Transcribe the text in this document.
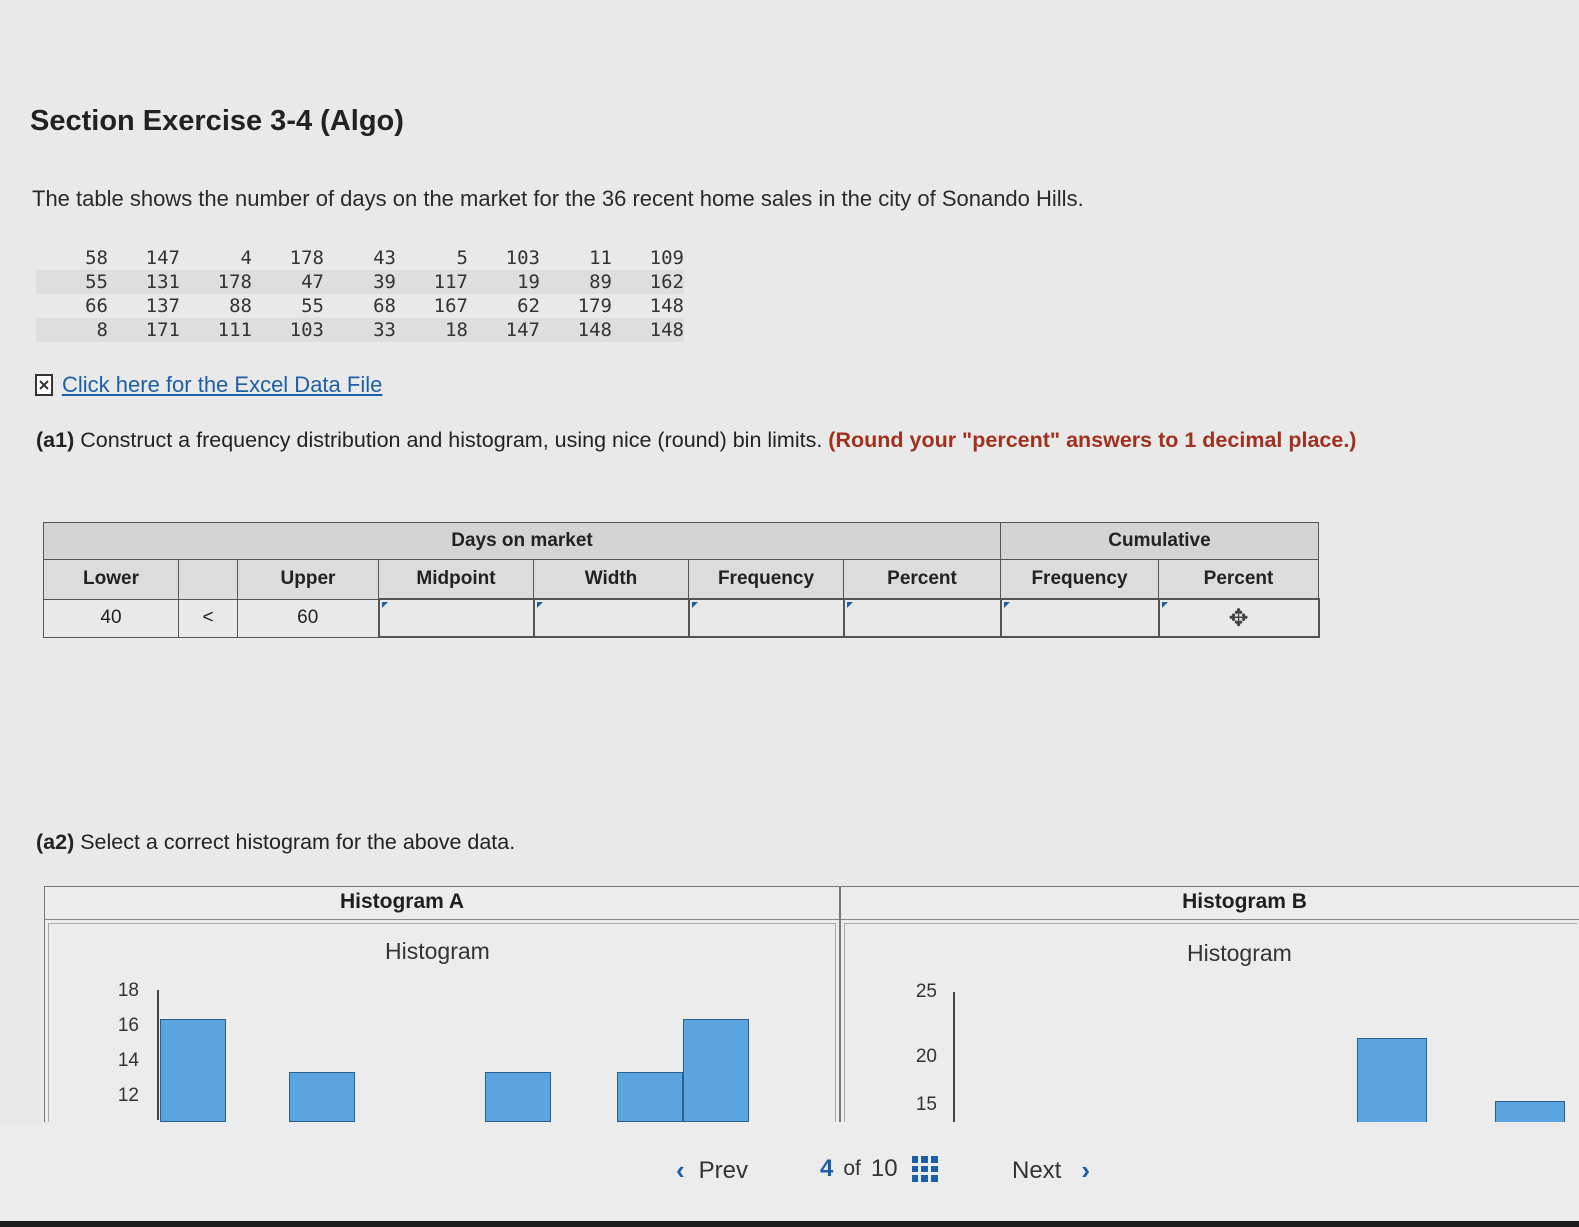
Section Exercise 3-4 (Algo)
The table shows the number of days on the market for the 36 recent home sales in the city of Sonando Hills.
58	147	4	178	43	5	103	11	109
55	131	178	47	39	117	19	89	162
66	137	88	55	68	167	62	179	148
8	171	111	103	33	18	147	148	148
Click here for the Excel Data File
(a1) Construct a frequency distribution and histogram, using nice (round) bin limits. (Round your "percent" answers to 1 decimal place.)
Days on market							Cumulative	
Lower		Upper	Midpoint	Width	Frequency	Percent	Frequency	Percent
40	<	60						✥
(a2) Select a correct histogram for the above data.
Histogram A
Histogram
18
16
14
12
Histogram B
Histogram
25
20
15
‹ Prev	4 of 10	Next ›
